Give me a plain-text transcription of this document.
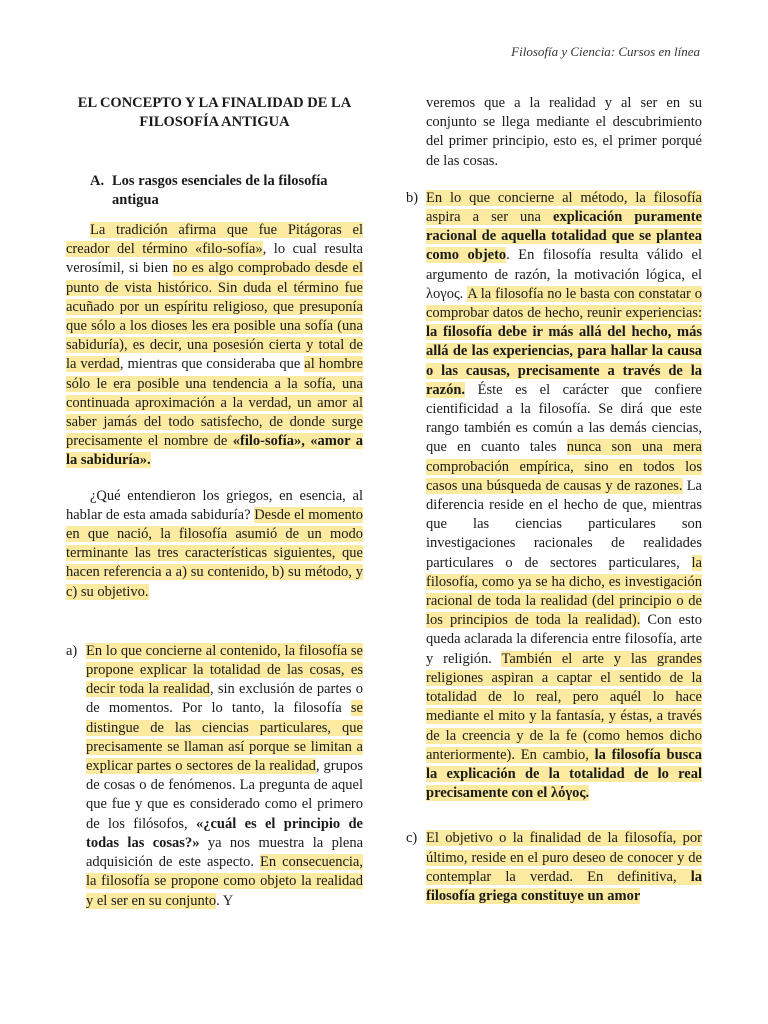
Filosofía y Ciencia: Cursos en línea
EL CONCEPTO Y LA FINALIDAD DE LA FILOSOFÍA ANTIGUA
A. Los rasgos esenciales de la filosofía antigua

La tradición afirma que fue Pitágoras el creador del término «filo-sofía», lo cual resulta verosímil, si bien no es algo comprobado desde el punto de vista histórico. Sin duda el término fue acuñado por un espíritu religioso, que presuponía que sólo a los dioses les era posible una sofía (una sabiduría), es decir, una posesión cierta y total de la verdad, mientras que consideraba que al hombre sólo le era posible una tendencia a la sofía, una continuada aproximación a la verdad, un amor al saber jamás del todo satisfecho, de donde surge precisamente el nombre de «filo-sofía», «amor a la sabiduría».

¿Qué entendieron los griegos, en esencia, al hablar de esta amada sabiduría? Desde el momento en que nació, la filosofía asumió de un modo terminante las tres características siguientes, que hacen referencia a a) su contenido, b) su método, y c) su objetivo.

a) En lo que concierne al contenido, la filosofía se propone explicar la totalidad de las cosas, es decir toda la realidad, sin exclusión de partes o de momentos. Por lo tanto, la filosofía se distingue de las ciencias particulares, que precisamente se llaman así porque se limitan a explicar partes o sectores de la realidad, grupos de cosas o de fenómenos. La pregunta de aquel que fue y que es considerado como el primero de los filósofos, «¿cuál es el principio de todas las cosas?» ya nos muestra la plena adquisición de este aspecto. En consecuencia, la filosofía se propone como objeto la realidad y el ser en su conjunto. Y

veremos que a la realidad y al ser en su conjunto se llega mediante el descubrimiento del primer principio, esto es, el primer porqué de las cosas.

b) En lo que concierne al método, la filosofía aspira a ser una explicación puramente racional de aquella totalidad que se plantea como objeto. En filosofía resulta válido el argumento de razón, la motivación lógica, el λογος. A la filosofía no le basta con constatar o comprobar datos de hecho, reunir experiencias: la filosofía debe ir más allá del hecho, más allá de las experiencias, para hallar la causa o las causas, precisamente a través de la razón. Éste es el carácter que confiere cientificidad a la filosofía. Se dirá que este rango también es común a las demás ciencias, que en cuanto tales nunca son una mera comprobación empírica, sino en todos los casos una búsqueda de causas y de razones. La diferencia reside en el hecho de que, mientras que las ciencias particulares son investigaciones racionales de realidades particulares o de sectores particulares, la filosofía, como ya se ha dicho, es investigación racional de toda la realidad (del principio o de los principios de toda la realidad). Con esto queda aclarada la diferencia entre filosofía, arte y religión. También el arte y las grandes religiones aspiran a captar el sentido de la totalidad de lo real, pero aquél lo hace mediante el mito y la fantasía, y éstas, a través de la creencia y de la fe (como hemos dicho anteriormente). En cambio, la filosofía busca la explicación de la totalidad de lo real precisamente con el λόγος.

c) El objetivo o la finalidad de la filosofía, por último, reside en el puro deseo de conocer y de contemplar la verdad. En definitiva, la filosofía griega constituye un amor
